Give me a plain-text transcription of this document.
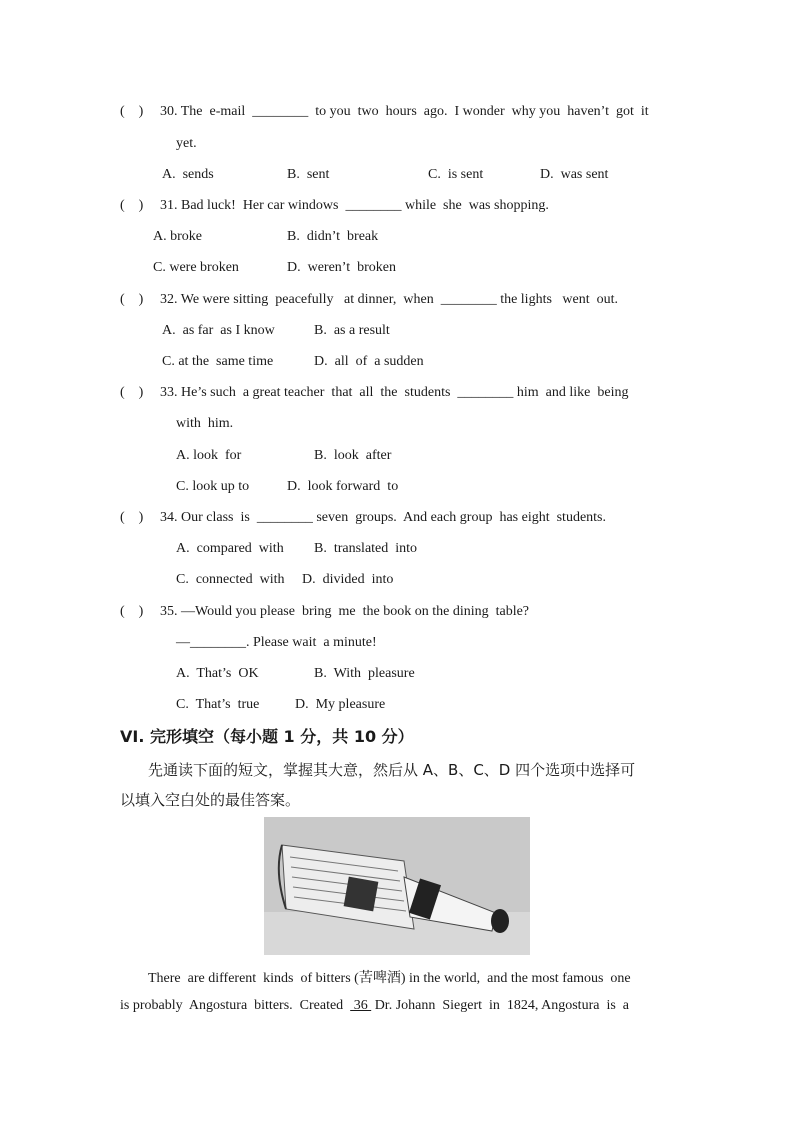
(    ) 30. The  e-mail  ________  to you  two  hours  ago.  I wonder  why you  haven’t  got  it
yet.
A.  sends	B.  sent	C.  is sent	D.  was sent
(    ) 31. Bad luck!  Her car windows  ________ while  she  was shopping.
A. broke	B.  didn’t  break
C. were broken	D.  weren’t  broken
(    ) 32. We were sitting  peacefully   at dinner,  when  ________ the lights   went  out.
A.  as far  as I know	B.  as a result
C. at the  same time	D.  all  of  a sudden
(    ) 33. He’s such  a great teacher  that  all  the  students  ________ him  and like  being
with  him.
A. look  for	B.  look  after
C. look up to	D.  look forward  to
(    ) 34. Our class  is  ________ seven  groups.  And each group  has eight  students.
A.  compared  with B.  translated  into
C.  connected  with D.  divided  into
(    ) 35. —Would you please  bring  me  the book on the dining  table?
—________. Please wait  a minute!
A.  That’s  OK	B.  With  pleasure
C.  That’s  true	D.  My pleasure
VI. 完形填空（每小题 1 分，共 10 分）
先通读下面的短文，掌握其大意，然后从 A、B、C、D 四个选项中选择可
以填入空白处的最佳答案。
There  are different  kinds  of bitters (苦啤酒) in the world,  and the most famous  one
is probably  Angostura  bitters.  Created   36  Dr. Johann  Siegert  in  1824, Angostura  is  a
